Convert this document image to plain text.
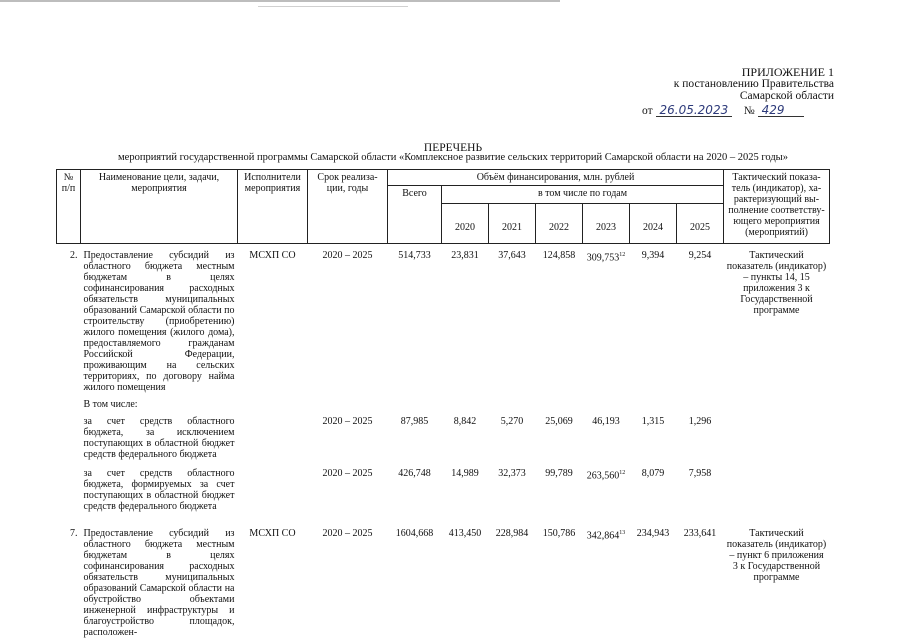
ПРИЛОЖЕНИЕ 1
к постановлению Правительства
Самарской области
от 26.05.2023 № 429
ПЕРЕЧЕНЬ
мероприятий государственной программы Самарской области «Комплексное развитие сельских территорий Самарской области на 2020 – 2025 годы»
№ п/п	Наименование цели, задачи, мероприятия	Исполнители мероприятия	Срок реализа-ции, годы	Объём финансирования, млн. рублей							Тактический показа-тель (индикатор), ха-рактеризующий вы-полнение соответству-ющего мероприятия (мероприятий)
				Всего	в том числе по годам						
					2020	2021	2022	2023	2024	2025	
2.	Предоставление субсидий из областного бюджета местным бюджетам в целях софинансирования расходных обязательств муниципальных образований Самарской области по строительству (приобретению) жилого помещения (жилого дома), предоставляемого гражданам Российской Федерации, проживающим на сельских территориях, по договору найма жилого помещения	МСХП СО	2020 – 2025	514,733	23,831	37,643	124,858	309,753$^{12}$	9,394	9,254	Тактический показатель (индикатор) – пункты 14, 15 приложения 3 к Государственной программе
	В том числе:										
	за счет средств областного бюджета, за исключением поступающих в областной бюджет средств федерального бюджета		2020 – 2025	87,985	8,842	5,270	25,069	46,193	1,315	1,296	
	за счет средств областного бюджета, формируемых за счет поступающих в областной бюджет средств федерального бюджета		2020 – 2025	426,748	14,989	32,373	99,789	263,560$^{12}$	8,079	7,958	
7.	Предоставление субсидий из областного бюджета местным бюджетам в целях софинансирования расходных обязательств муниципальных образований Самарской области на обустройство объектами инженерной инфраструктуры и благоустройство площадок, расположен-	МСХП СО	2020 – 2025	1604,668	413,450	228,984	150,786	342,864$^{13}$	234,943	233,641	Тактический показатель (индикатор) – пункт 6 приложения 3 к Государственной программе
